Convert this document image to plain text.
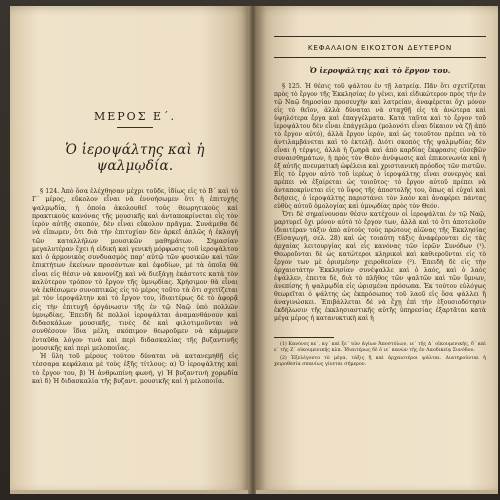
ΜΕΡΟΣ Ε΄.
Ὁ ἱεροψάλτης καὶ ἡ ψαλμῳδία.

§ 124. Ἀπὸ ὅσα ἐλέχθησαν μέχρι τοῦδε, ἰδίως εἰς τὸ Β΄ καὶ τὸ Γ΄ μέρος, εὔκολον εἶναι νὰ ἐννοήσωμεν ὅτι ἡ ἐπιτυχὴς ψαλμῳδία, ἡ ὁποία ἀκολουθεῖ τοὺς θεωρητικοὺς καὶ πρακτικοὺς κανόνας τῆς μουσικῆς καὶ ἀνταποκρίνεται εἰς τὸν ἱερὸν αὐτῆς σκοπόν, δὲν εἶναι εὔκολον πρᾶγμα. Συνάμεθα δὲ νὰ εἴπωμεν, ὅτι διὰ τὴν ἐπιτυχίαν δὲν ἀρκεῖ ἁπλῶς ἡ ἐκλογὴ τῶν καταλλήλων μουσικῶν μαθημάτων. Σημασίαν μεγαλυτέραν ἔχει ἡ εἰδικὴ καὶ γενικὴ μόρφωσις τοῦ ἱεροψάλτου καὶ ὁ ἀρμονικὸς συνδυασμὸς παρ' αὐτῷ τῶν φυσικῶν καὶ τῶν ἐπικτήτων ἐκείνων προσόντων καὶ ἐφοδίων, μὲ τὰ ὁποῖα θὰ εἶναι εἰς θέσιν νὰ κανονίζῃ καὶ νὰ διεξάγῃ ἑκάστοτε κατὰ τὸν καλύτερον τρόπον τὸ ἔργον τῆς ὑμνῳδίας. Χρήσιμον θὰ εἶναι νὰ ἐκθέσωμεν συνοπτικῶς εἰς τὸ μέρος τοῦτο τὰ ὅτι σχετίζεται μὲ τὸν ἱεροψάλτην καὶ τὸ ἔργον του, ἰδιαιτέρως δὲ τὸ ἀφορᾷ εἰς τὴν ἐπιτυχῆ ὀργάνωσιν τῆς ἐν τῷ Ναῷ ὑπὸ πολλῶν ὑμνῳδίας. Ἐπειδὴ δὲ πολλοὶ ἱεροψάλται ἀναμανθάνουν καὶ διδασκάλων μουσικῆς, τινὲς δὲ καὶ φιλοτιμοῦνται νὰ συνθέσουν ἴδια μέλη, σκόπιμον θεωροῦμεν νὰ κάμωμεν ἐνταῦθα λόγον τινὰ καὶ περὶ διδασκαλίας τῆς βυζαντινῆς μουσικῆς καὶ περὶ μελοποιΐας.

Ἡ ὕλη τοῦ μέρους τούτου δύναται νὰ κατανεμηθῇ εἰς τέσσαρα κεφάλαια μὲ τοὺς ἑξῆς τίτλους: α) Ὁ ἱεροψάλτης καὶ τὸ ἔργον του, β) Ἡ ἀνθρωπίνη φωνή, γ) Ἡ βυζαντινὴ χορῳδία καὶ δ) Ἡ διδασκαλία τῆς βυζαντ. μουσικῆς καὶ ἡ μελοποιΐα.

ΚΕΦΑΛΑΙΟΝ ΕΙΚΟΣΤΟΝ ΔΕΥΤΕΡΟΝ
Ὁ ἱεροψάλτης καὶ τὸ ἔργον του.

§ 125. Ἡ θέσις τοῦ ψάλτου ἐν τῇ λατρείᾳ. Πᾶν ὅτι σχετίζεται πρὸς τὸ ἔργον τῆς Ἐκκλησίας ἐν γένει, καὶ εἰδικώτερον πρὸς τὴν ἐν τῷ Ναῷ δημοσίαν προσευχὴν καὶ λατρείαν, ἀναφέρεται ὅχι μόνον εἰς τὸ θεῖον, ἀλλὰ δύναται νὰ σταχθῇ εἰς τὰ ἀνώτερα καὶ ὑψηλότερα ἔργα καὶ ἐπαγγέλματα. Κατὰ ταῦτα καὶ τὸ ἔργον τοῦ ἱεροψάλτου δὲν εἶναι ἐπάγγελμα (μολονότι εἶναι δίκαιον νὰ ζῇ ἀπὸ τὸ ἔργον αὐτό), ἀλλὰ ἔργον ἱερόν, καὶ ὡς τοιοῦτον πρέπει νὰ τὸ ἀντιλαμβάνεται καὶ τὸ ἐκτελῇ. Διότι σκοπὸς τῆς ψαλμῳδίας δὲν εἶναι ἡ τέρψις, ἀλλὰ ἡ ζωηρὰ καὶ ἀπὸ καρδίας ἔκφρασις εὐσεβῶν συναισθημάτων, ἡ πρὸς τὸν Θεὸν ἀνύψωσις καὶ ἐπικοινωνία καὶ ἡ ἐξ αὐτῆς πνευματικὴ ὠφέλεια καὶ χριστιανικὴ πρόοδος τῶν πιστῶν. Εἰς τὸ ἔργον αὐτὸ τοῦ ἱερέως ὁ ἱεροψάλτης εἶναι συνεργὸς καὶ πρέπει νὰ ἐξαίρεται ὡς τοιοῦτος· τὸ ἔργον αὐτοῦ πρέπει νὰ ἀνταποκρίνεται εἰς τὸ ὕψος τῆς ἀποστολῆς του, ὅπως αἱ εὐχαὶ καὶ δεήσεις, ὁ ἱεροψάλτης παριστάνει τὸν λαὸν καὶ ἀναφέρει πάντας εὐθὺς αὐτοῦ ὁμολογίας καὶ ὑμνῳδίας πρὸς τὸν Θεόν.

Ὅτι δὲ σημαίνουσαν θέσιν κατέχουν οἱ ἱεροψάλται ἐν τῷ Ναῷ, μαρτυρεῖ ὄχι μόνον αὐτὸ τὸ ἔργον των, ἀλλὰ καὶ τὸ ὅτι ἀποτελοῦν ἰδιαιτέραν τάξιν ἀπὸ αὐτοὺς τοὺς πρώτους αἰῶνας τῆς Ἐκκλησίας (Εἰσαγωγή, σελ. 28) καὶ ὡς τοιαύτη τάξις ἀναφέρονται εἰς τὰς ἀρχαίας λειτουργίας καὶ εἰς κανόνας τῶν ἱερῶν Συνόδων (¹). Θεωροῦνται δὲ ὡς κατώτεροι κληρικοὶ καὶ καθιεροῦνται εἰς τὸ ἔργον των μὲ ὁρισμένην χειροθεσίαν (²). Ἐπειδὴ δὲ εἰς τὴν ἀρχαιοτάτην Ἐκκλησίαν συνέψαλλε καὶ ὁ λαός, καὶ ὁ λαὸς ἐψάλλεν, ἐπειτα δὲ, διὰ τὸ πλῆθος τῶν ψαλτῶν καὶ τῶν ὕμνων, ἀνεπίσης ἡ ψαλμῳδία εἰς ὡρισμένα πρόσωπα. Ἐκ τούτου εὐλόγως θεωρεῖται ὁ ψάλτης ὡς ἐκπρόσωπος τοῦ λαοῦ εἰς ὅσα ψάλλει ἢ ἀναγινώσκει. Ἐπιβάλλεται δὲ νὰ ἔχῃ ἐπὶ τὴν ἐξουσιοδότησιν ἐκδήλωσιν τῆς ἐκκλησιαστικῆς αὐτῆς ὑπηρεσίας ἐξαρτᾶται κατὰ μέγα μέρος ἡ κατανυκτικὴ καὶ ἡ

(1) Κανόνες κε΄, κγ΄ καὶ ξε΄ τῶν ἁγίων Ἀποστόλων, ιε΄ τῆς Δ΄ οἰκουμενικῆς, δ΄ καὶ ε΄ τῆς Ζ΄ οἰκουμενικῆς κλπ. Ἰδιαιτέρως δὲ ὁ ιε΄ κανὼν τῆς ἐν Λαοδικείᾳ Συνόδου.

(2) Ἐξελέγοντο τὸ μέγα, τάξις ἢ καὶ ἀρχαιοτέροι ψάλται. Διατηροῦνται ἡ χειροθεσία σπανίως γίνεται σήμερον.
